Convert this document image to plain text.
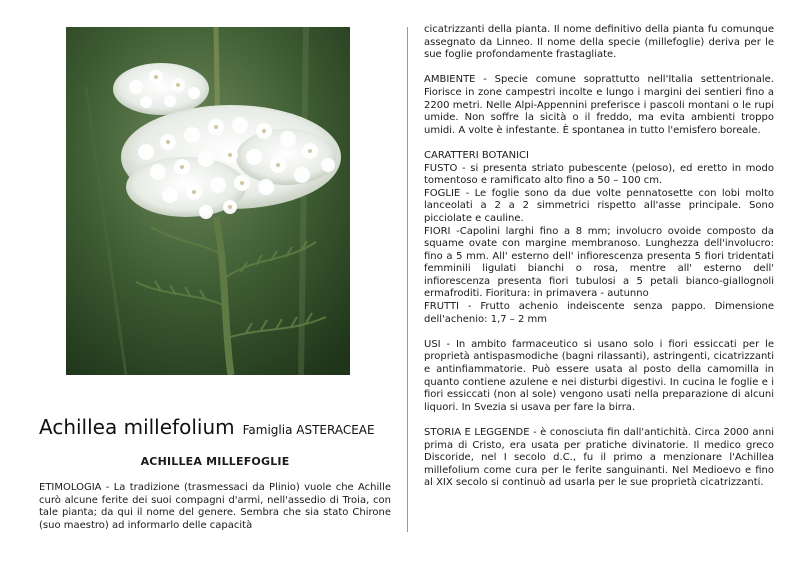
Achillea millefolium Famiglia ASTERACEAE
ACHILLEA MILLEFOGLIE

ETIMOLOGIA - La tradizione (trasmessaci da Plinio) vuole che Achille curò alcune ferite dei suoi compagni d'armi, nell'assedio di Troia, con tale pianta; da qui il nome del genere. Sembra che sia stato Chirone (suo maestro) ad informarlo delle capacità

cicatrizzanti della pianta. Il nome definitivo della pianta fu comunque assegnato da Linneo. Il nome della specie (millefoglie) deriva per le sue foglie profondamente frastagliate.

AMBIENTE - Specie comune soprattutto nell'Italia settentrionale. Fiorisce in zone campestri incolte e lungo i margini dei sentieri fino a 2200 metri. Nelle Alpi-Appennini preferisce i pascoli montani o le rupi umide. Non soffre la sicità o il freddo, ma evita ambienti troppo umidi. A volte è infestante. È spontanea in tutto l'emisfero boreale.

CARATTERI BOTANICI

FUSTO - si presenta striato pubescente (peloso), ed eretto in modo tomentoso e ramificato alto fino a 50 – 100 cm.

FOGLIE - Le foglie sono da due volte pennatosette con lobi molto lanceolati a 2 a 2 simmetrici rispetto all'asse principale. Sono picciolate e cauline.

FIORI -Capolini larghi fino a 8 mm; involucro ovoide composto da squame ovate con margine membranoso. Lunghezza dell'involucro: fino a 5 mm. All' esterno dell' infiorescenza presenta 5 fiori tridentati femminili ligulati bianchi o rosa, mentre all' esterno dell' infiorescenza presenta fiori tubulosi a 5 petali bianco-giallognoli ermafroditi. Fioritura: in primavera - autunno

FRUTTI - Frutto achenio indeiscente senza pappo. Dimensione dell'achenio: 1,7 – 2 mm

USI - In ambito farmaceutico si usano solo i fiori essiccati per le proprietà antispasmodiche (bagni rilassanti), astringenti, cicatrizzanti e antinfiammatorie. Può essere usata al posto della camomilla in quanto contiene azulene e nei disturbi digestivi. In cucina le foglie e i fiori essiccati (non al sole) vengono usati nella preparazione di alcuni liquori. In Svezia si usava per fare la birra.

STORIA E LEGGENDE - è conosciuta fin dall'antichità. Circa 2000 anni prima di Cristo, era usata per pratiche divinatorie. Il medico greco Discoride, nel I secolo d.C., fu il primo a menzionare l'Achillea millefolium come cura per le ferite sanguinanti. Nel Medioevo e fino al XIX secolo si continuò ad usarla per le sue proprietà cicatrizzanti.
